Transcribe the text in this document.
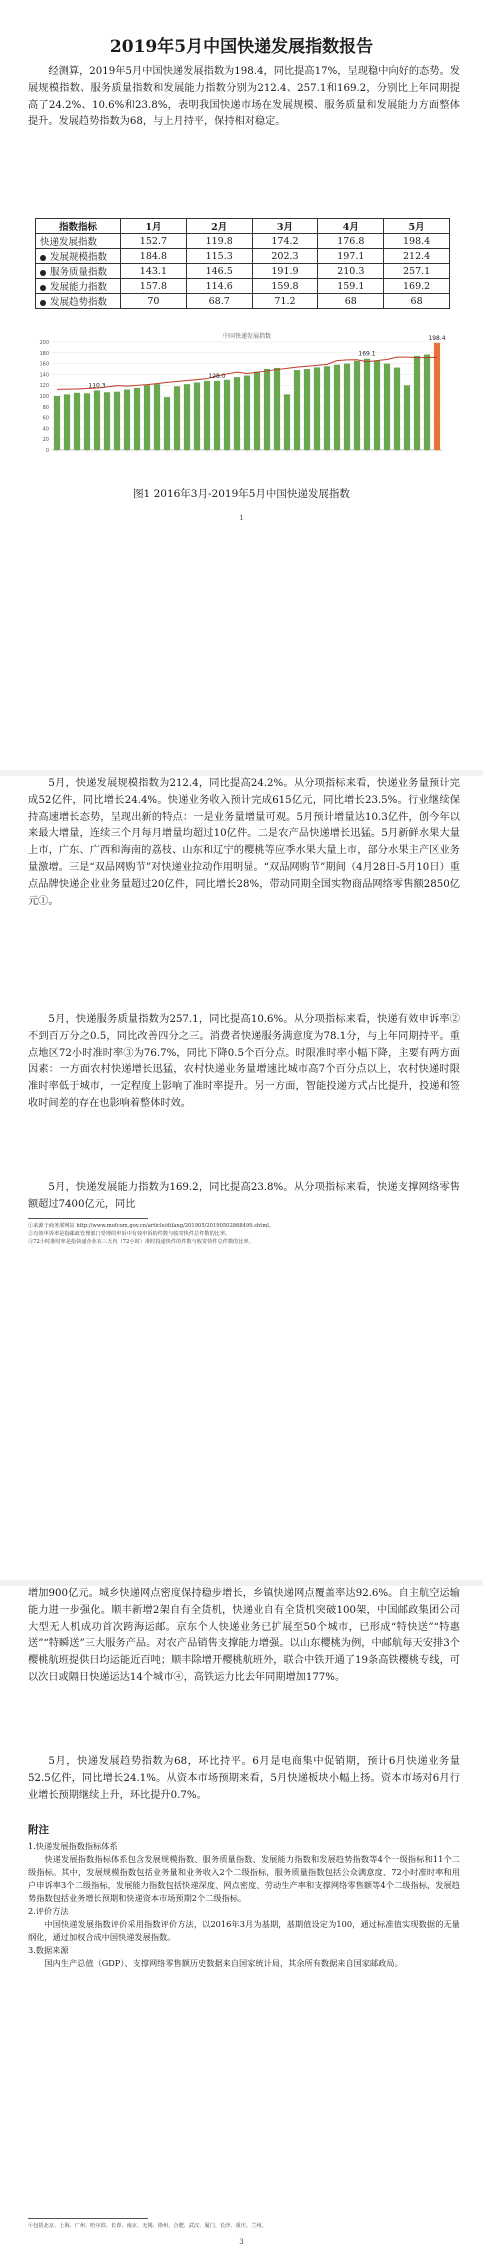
2019年5月中国快递发展指数报告
经测算，2019年5月中国快递发展指数为198.4，同比提高17%，呈现稳中向好的态势。发展规模指数、服务质量指数和发展能力指数分别为212.4、257.1和169.2，分别比上年同期提高了24.2%、10.6%和23.8%，表明我国快递市场在发展规模、服务质量和发展能力方面整体提升。发展趋势指数为68，与上月持平，保持相对稳定。
指数指标	1月	2月	3月	4月	5月
快递发展指数	152.7	119.8	174.2	176.8	198.4
发展规模指数	184.8	115.3	202.3	197.1	212.4
服务质量指数	143.1	146.5	191.9	210.3	257.1
发展能力指数	157.8	114.6	159.8	159.1	169.2
发展趋势指数	70	68.7	71.2	68	68
中国快递发展指数
0
20
40
60
80
100
120
140
160
180
200
110.3
128.0
169.1
198.4
图1 2016年3月-2019年5月中国快递发展指数
1
5月，快递发展规模指数为212.4，同比提高24.2%。从分项指标来看，快递业务量预计完成52亿件，同比增长24.4%。快递业务收入预计完成615亿元，同比增长23.5%。行业继续保持高速增长态势，呈现出新的特点：一是业务量增量可观。5月预计增量达10.3亿件，创今年以来最大增量，连续三个月每月增量均超过10亿件。二是农产品快递增长迅猛。5月新鲜水果大量上市，广东、广西和海南的荔枝、山东和辽宁的樱桃等应季水果大量上市，部分水果主产区业务量激增。三是“双品网购节”对快递业拉动作用明显。“双品网购节”期间（4月28日-5月10日）重点品牌快递企业业务量超过20亿件，同比增长28%，带动同期全国实物商品网络零售额2850亿元①。
5月，快递服务质量指数为257.1，同比提高10.6%。从分项指标来看，快递有效申诉率②不到百万分之0.5，同比改善四分之三。消费者快递服务满意度为78.1分，与上年同期持平。重点地区72小时准时率③为76.7%，同比下降0.5个百分点。时限准时率小幅下降，主要有两方面因素：一方面农村快递增长迅猛，农村快递业务量增速比城市高7个百分点以上，农村快递时限准时率低于城市，一定程度上影响了准时率提升。另一方面，智能投递方式占比提升，投递和签收时间差的存在也影响着整体时效。
5月，快递发展能力指数为169.2，同比提高23.8%。从分项指标来看，快递支撑网络零售额超过7400亿元，同比
①来源于商务部网站 http://www.mofcom.gov.cn/article/difang/201905/20190502868499.shtml。
②有效申诉率是指邮政管理部门受理的申诉中有效申诉的件数与收寄快件总件数的比率。
③72小时准时率是指快递企业在三天内（72小时）准时投递快件的件数与收寄快件总件数的比率。
增加900亿元。城乡快递网点密度保持稳步增长，乡镇快递网点覆盖率达92.6%。自主航空运输能力进一步强化。顺丰新增2架自有全货机，快递业自有全货机突破100架，中国邮政集团公司大型无人机成功首次跨海运邮。京东个人快递业务已扩展至50个城市，已形成“特快送”“特惠送”“特瞬送”三大服务产品。对农产品销售支撑能力增强。以山东樱桃为例，中邮航每天安排3个樱桃航班提供日均运能近百吨；顺丰除增开樱桃航班外，联合中铁开通了19条高铁樱桃专线，可以次日或隔日快递运达14个城市④，高铁运力比去年同期增加177%。
5月，快递发展趋势指数为68，环比持平。6月是电商集中促销期，预计6月快递业务量52.5亿件，同比增长24.1%。从资本市场预期来看，5月快递板块小幅上扬。资本市场对6月行业增长预期继续上升，环比提升0.7%。
附注

1.快递发展指数指标体系

快递发展指数指标体系包含发展规模指数、服务质量指数、发展能力指数和发展趋势指数等4个一级指标和11个二级指标。其中，发展规模指数包括业务量和业务收入2个二级指标，服务质量指数包括公众满意度、72小时准时率和用户申诉率3个二级指标，发展能力指数包括快递深度、网点密度、劳动生产率和支撑网络零售额等4个二级指标，发展趋势指数包括业务增长预期和快递资本市场预期2个二级指标。

2.评价方法

中国快递发展指数评价采用指数评价方法，以2016年3月为基期，基期值设定为100，通过标准值实现数据的无量纲化，通过加权合成中国快递发展指数。

3.数据来源

国内生产总值（GDP）、支撑网络零售额历史数据来自国家统计局，其余所有数据来自国家邮政局。

④包括北京、上海、广州、哈尔滨、长春、南京、无锡、徐州、合肥、武汉、厦门、长沙、重庆、兰州。
3
